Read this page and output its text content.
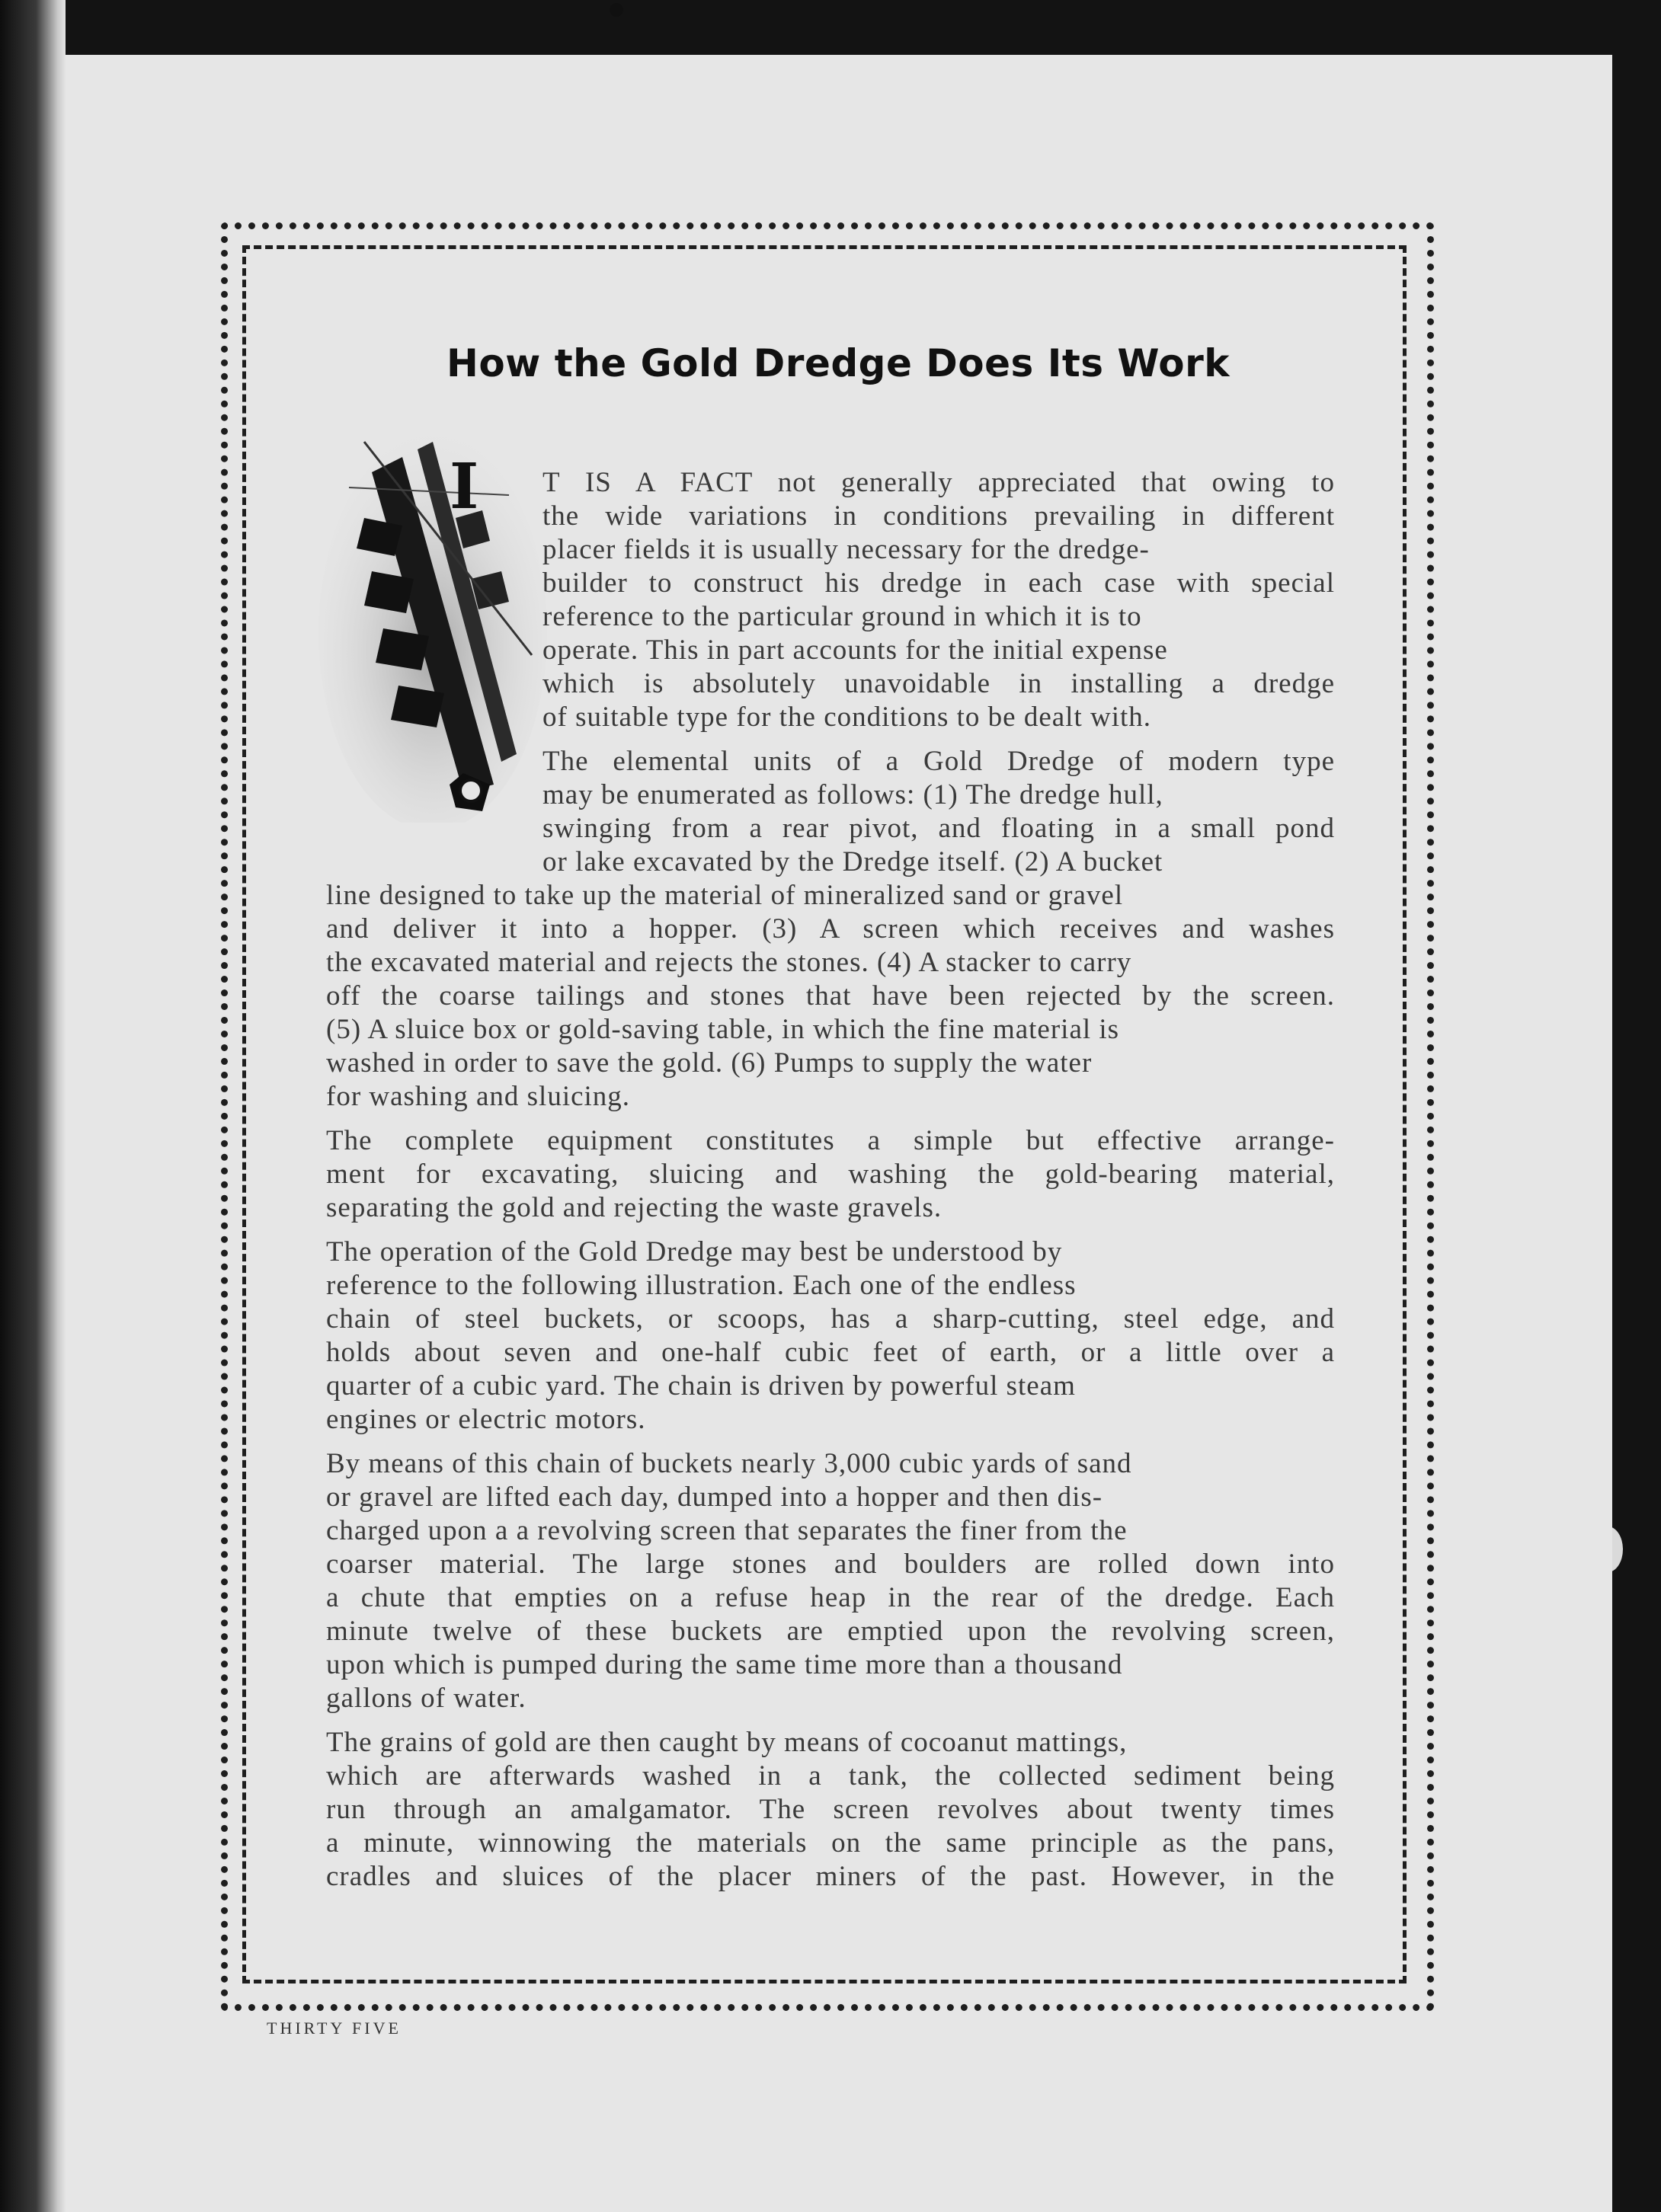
How the Gold Dredge Does Its Work
I T IS A FACT not generally appreciated that owing to

the wide variations in conditions prevailing in different

placer fields it is usually necessary for the dredge-

builder to construct his dredge in each case with special

reference to the particular ground in which it is to

operate. This in part accounts for the initial expense

which is absolutely unavoidable in installing a dredge

of suitable type for the conditions to be dealt with.

The elemental units of a Gold Dredge of modern type

may be enumerated as follows: (1) The dredge hull,

swinging from a rear pivot, and floating in a small pond

or lake excavated by the Dredge itself. (2) A bucket

line designed to take up the material of mineralized sand or gravel

and deliver it into a hopper. (3) A screen which receives and washes

the excavated material and rejects the stones. (4) A stacker to carry

off the coarse tailings and stones that have been rejected by the screen.

(5) A sluice box or gold-saving table, in which the fine material is

washed in order to save the gold. (6) Pumps to supply the water

for washing and sluicing.

The complete equipment constitutes a simple but effective arrange-

ment for excavating, sluicing and washing the gold-bearing material,

separating the gold and rejecting the waste gravels.

The operation of the Gold Dredge may best be understood by

reference to the following illustration. Each one of the endless

chain of steel buckets, or scoops, has a sharp-cutting, steel edge, and

holds about seven and one-half cubic feet of earth, or a little over a

quarter of a cubic yard. The chain is driven by powerful steam

engines or electric motors.

By means of this chain of buckets nearly 3,000 cubic yards of sand

or gravel are lifted each day, dumped into a hopper and then dis-

charged upon a a revolving screen that separates the finer from the

coarser material. The large stones and boulders are rolled down into

a chute that empties on a refuse heap in the rear of the dredge. Each

minute twelve of these buckets are emptied upon the revolving screen,

upon which is pumped during the same time more than a thousand

gallons of water.

The grains of gold are then caught by means of cocoanut mattings,

which are afterwards washed in a tank, the collected sediment being

run through an amalgamator. The screen revolves about twenty times

a minute, winnowing the materials on the same principle as the pans,

cradles and sluices of the placer miners of the past. However, in the

THIRTY FIVE
